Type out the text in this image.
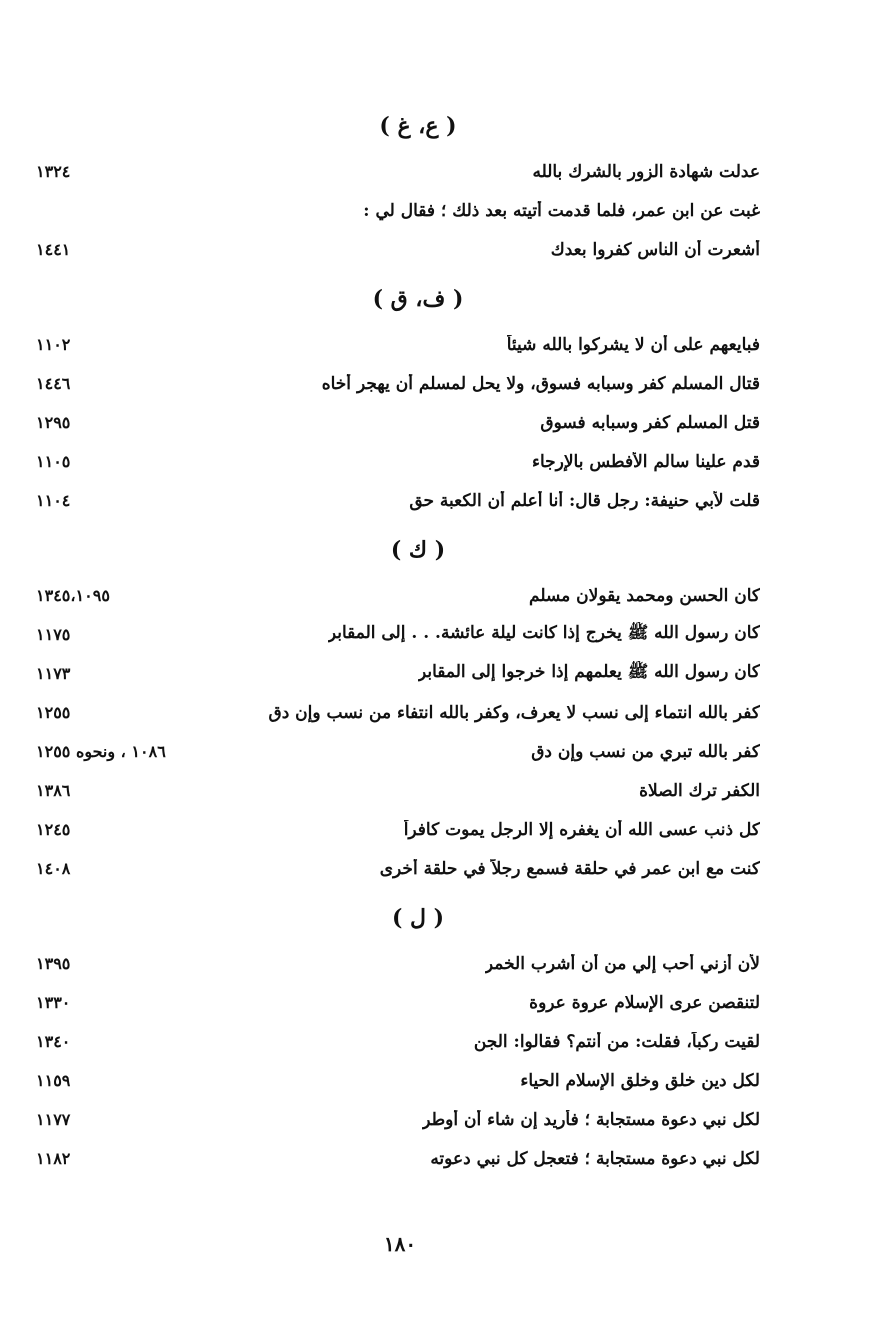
( ع، غ )
عدلت شهادة الزور بالشرك بالله
١٣٢٤
غبت عن ابن عمر، فلما قدمت أتيته بعد ذلك ؛ فقال لي :
أشعرت أن الناس كفروا بعدك
١٤٤١
( ف، ق )
فبايعهم على أن لا يشركوا بالله شيئاً
١١٠٢
قتال المسلم كفر وسبابه فسوق، ولا يحل لمسلم أن يهجر أخاه
١٤٤٦
قتل المسلم كفر وسبابه فسوق
١٢٩٥
قدم علينا سالم الأفطس بالإرجاء
١١٠٥
قلت لأبي حنيفة: رجل قال: أنا أعلم أن الكعبة حق
١١٠٤
( ك )
كان الحسن ومحمد يقولان مسلم
١٣٤٥،١٠٩٥
كان رسول الله ﷺ يخرج إذا كانت ليلة عائشة. . . إلى المقابر
١١٧٥
كان رسول الله ﷺ يعلمهم إذا خرجوا إلى المقابر
١١٧٣
كفر بالله انتماء إلى نسب لا يعرف، وكفر بالله انتفاء من نسب وإن دق
١٢٥٥
كفر بالله تبري من نسب وإن دق
١٠٨٦ ، ونحوه ١٢٥٥
الكفر ترك الصلاة
١٣٨٦
كل ذنب عسى الله أن يغفره إلا الرجل يموت كافراً
١٢٤٥
كنت مع ابن عمر في حلقة فسمع رجلاً في حلقة أخرى
١٤٠٨
( ل )
لأن أزني أحب إلي من أن أشرب الخمر
١٣٩٥
لتنقصن عرى الإسلام عروة عروة
١٣٣٠
لقيت ركباً، فقلت: من أنتم؟ فقالوا: الجن
١٣٤٠
لكل دين خلق وخلق الإسلام الحياء
١١٥٩
لكل نبي دعوة مستجابة ؛ فأريد إن شاء أن أوطر
١١٧٧
لكل نبي دعوة مستجابة ؛ فتعجل كل نبي دعوته
١١٨٢
١٨٠
